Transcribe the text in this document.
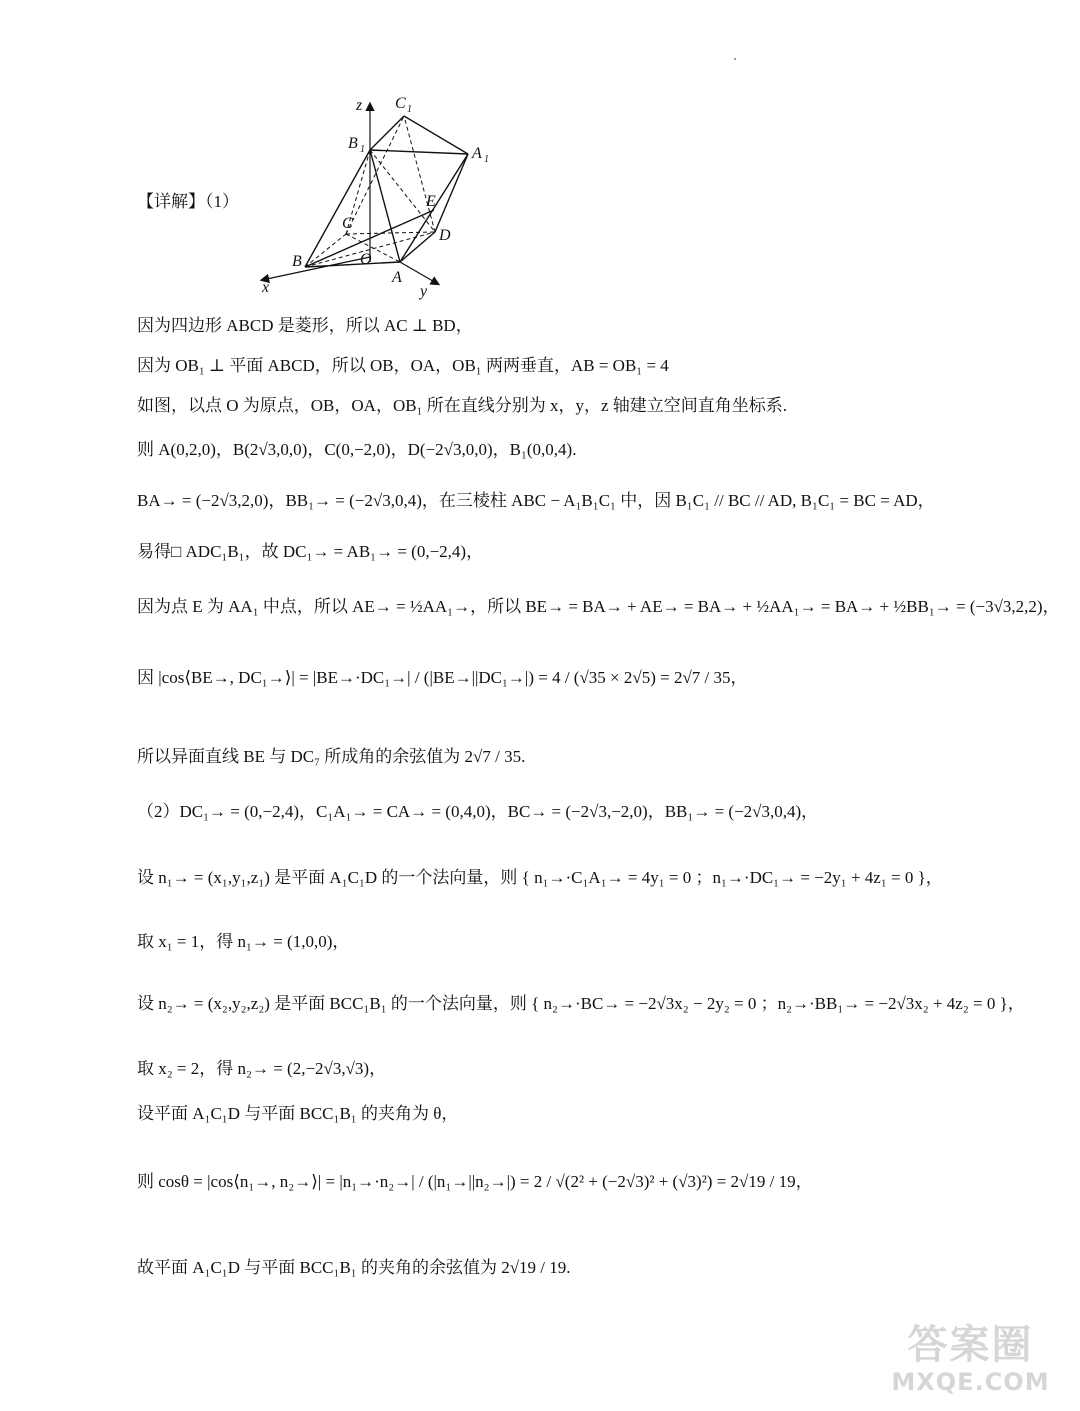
z C 1
B 1	A 1
C
E
D
B	O
A
x	y
【详解】（1）
因为四边形 ABCD 是菱形，所以 AC ⊥ BD，
因为 OB₁ ⊥ 平面 ABCD，所以 OB，OA，OB₁ 两两垂直，AB = OB₁ = 4
如图，以点 O 为原点，OB，OA，OB₁ 所在直线分别为 x，y，z 轴建立空间直角坐标系.
则 A(0,2,0)，B(2√3,0,0)，C(0,−2,0)，D(−2√3,0,0)，B₁(0,0,4).
BA→ = (−2√3,2,0)，BB₁→ = (−2√3,0,4)，在三棱柱 ABC − A₁B₁C₁ 中，因 B₁C₁ // BC // AD, B₁C₁ = BC = AD，
易得□ ADC₁B₁，故 DC₁→ = AB₁→ = (0,−2,4)，
因为点 E 为 AA₁ 中点，所以 AE→ = ½AA₁→，所以 BE→ = BA→ + AE→ = BA→ + ½AA₁→ = BA→ + ½BB₁→ = (−3√3,2,2)，
因 |cos⟨BE→, DC₁→⟩| = |BE→·DC₁→| / (|BE→||DC₁→|) = 4 / (√35 × 2√5) = 2√7 / 35，
所以异面直线 BE 与 DC₇ 所成角的余弦值为 2√7 / 35.
（2）DC₁→ = (0,−2,4)，C₁A₁→ = CA→ = (0,4,0)，BC→ = (−2√3,−2,0)，BB₁→ = (−2√3,0,4)，
设 n₁→ = (x₁,y₁,z₁) 是平面 A₁C₁D 的一个法向量，则 { n₁→·C₁A₁→ = 4y₁ = 0 ；n₁→·DC₁→ = −2y₁ + 4z₁ = 0 }，
取 x₁ = 1，得 n₁→ = (1,0,0)，
设 n₂→ = (x₂,y₂,z₂) 是平面 BCC₁B₁ 的一个法向量，则 { n₂→·BC→ = −2√3x₂ − 2y₂ = 0 ；n₂→·BB₁→ = −2√3x₂ + 4z₂ = 0 }，
取 x₂ = 2，得 n₂→ = (2,−2√3,√3)，
设平面 A₁C₁D 与平面 BCC₁B₁ 的夹角为 θ，
则 cosθ = |cos⟨n₁→, n₂→⟩| = |n₁→·n₂→| / (|n₁→||n₂→|) = 2 / √(2² + (−2√3)² + (√3)²) = 2√19 / 19，
故平面 A₁C₁D 与平面 BCC₁B₁ 的夹角的余弦值为 2√19 / 19.
答案圈
MXQE.COM
